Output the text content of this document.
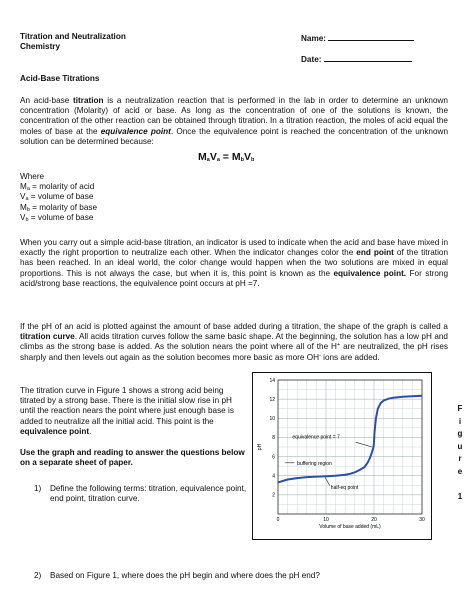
Titration and Neutralization
Chemistry
Name:
Date:
Acid-Base Titrations
An acid-base titration is a neutralization reaction that is performed in the lab in order to determine an unknown concentration (Molarity) of acid or base. As long as the concentration of one of the solutions is known, the concentration of the other reaction can be obtained through titration. In a titration reaction, the moles of acid equal the moles of base at the equivalence point. Once the equivalence point is reached the concentration of the unknown solution can be determined because:
$M_aV_a = M_bV_b$
Where
$M_a$ = molarity of acid
$V_a$ = volume of base
$M_b$ = molarity of base
$V_b$ = volume of base
When you carry out a simple acid-base titration, an indicator is used to indicate when the acid and base have mixed in exactly the right proportion to neutralize each other. When the indicator changes color the end point of the titration has been reached. In an ideal world, the color change would happen when the two solutions are mixed in equal proportions. This is not always the case, but when it is, this point is known as the equivalence point. For strong acid/strong base reactions, the equivalence point occurs at pH =7.
If the pH of an acid is plotted against the amount of base added during a titration, the shape of the graph is called a titration curve. All acids titration curves follow the same basic shape. At the beginning, the solution has a low pH and climbs as the strong base is added. As the solution nears the point where all of the H+ are neutralized, the pH rises sharply and then levels out again as the solution becomes more basic as more OH- ions are added.
The titration curve in Figure 1 shows a strong acid being titrated by a strong base. There is the initial slow rise in pH until the reaction nears the point where just enough base is added to neutralize all the initial acid. This point is the equivalence point.
Use the graph and reading to answer the questions below on a separate sheet of paper.
1) Define the following terms: titration, equivalence point, end point, titration curve.
2) Based on Figure 1, where does the pH begin and where does the pH end?
2
4
6
8
10
12
14
0	10	20	30
pH
Volume of base added (mL)
equivalence point = 7
buffering region
half-eq point
F
i
g
u
r
e
1
